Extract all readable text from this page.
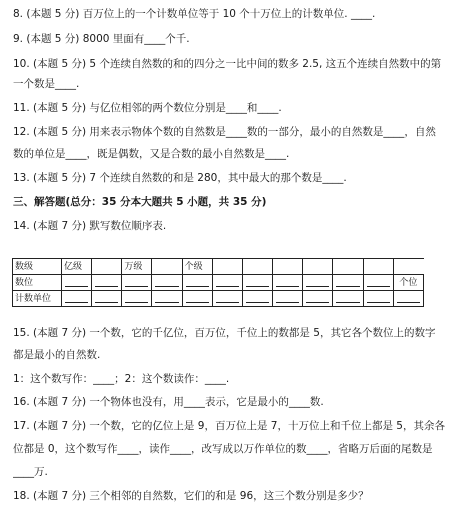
8. (本题 5 分) 百万位上的一个计数单位等于 10 个十万位上的计数单位. ____.
9. (本题 5 分) 8000 里面有____个千.
10. (本题 5 分) 5 个连续自然数的和的四分之一比中间的数多 2.5, 这五个连续自然数中的第
一个数是____.
11. (本题 5 分) 与亿位相邻的两个数位分别是____和____.
12. (本题 5 分) 用来表示物体个数的自然数是____数的一部分，最小的自然数是____，自然
数的单位是____，既是偶数，又是合数的最小自然数是____.
13. (本题 5 分) 7 个连续自然数的和是 280，其中最大的那个数是____.
三、解答题(总分：35 分本大题共 5 小题，共 35 分)
14. (本题 7 分) 默写数位顺序表.
数级	亿级		万级		个级							
数位												个位
计数单位	

15. (本题 7 分) 一个数，它的千亿位，百万位，千位上的数都是 5，其它各个数位上的数字
都是最小的自然数.
1：这个数写作：____；2：这个数读作：____.
16. (本题 7 分) 一个物体也没有，用____表示，它是最小的____数.
17. (本题 7 分) 一个数，它的亿位上是 9，百万位上是 7，十万位上和千位上都是 5，其余各
位都是 0，这个数写作____，读作____，改写成以万作单位的数____，省略万后面的尾数是
____万.
18. (本题 7 分) 三个相邻的自然数，它们的和是 96，这三个数分别是多少？
